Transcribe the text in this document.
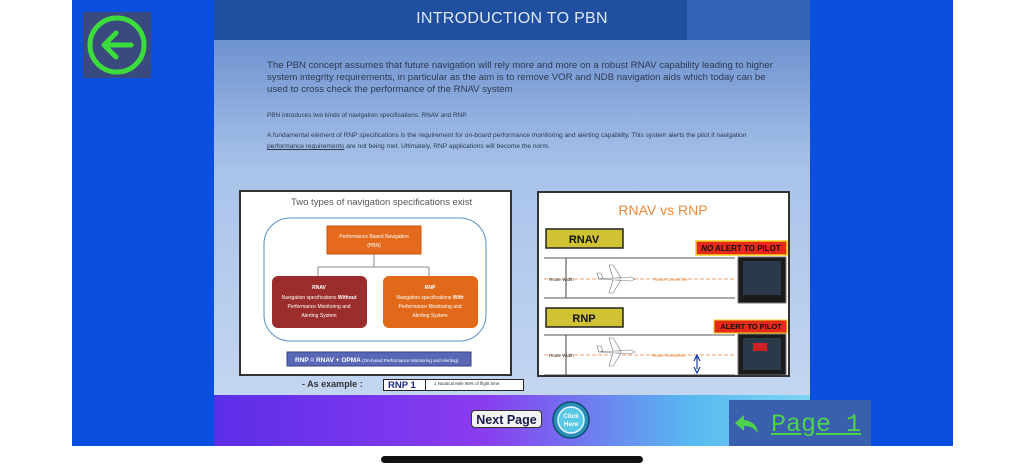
INTRODUCTION TO PBN
The PBN concept assumes that future navigation will rely more and more on a robust RNAV capability leading to higher system integrity requirements, in particular as the aim is to remove VOR and NDB navigation aids which today can be used to cross check the performance of the RNAV system
PBN introduces two kinds of navigation specifications: RNAV and RNP.
A fundamental element of RNP specifications is the requirement for on-board performance monitoring and alerting capability. This system alerts the pilot if navigation performance requirements are not being met. Ultimately, RNP applications will become the norm.
Two types of navigation specifications exist
Performance Based Navigation
(PBN)
RNAV
Navigation specifications Without
Performance Monitoring and
Alerting System
RNP
Navigation specifications With
Performance Monitoring and
Alerting System
RNP = RNAV + OPMA (On-board Performance Monitoring and Alerting)
RNAV vs RNP
RNAV
NO ALERT TO PILOT
Route Width	Route Centerline
RNP
ALERT TO PILOT
Route Width	Route Centerline
Next Page	Click
Here
- As example :	RNP 1	1 Nautical Mile 95% of flight time
Page 1
